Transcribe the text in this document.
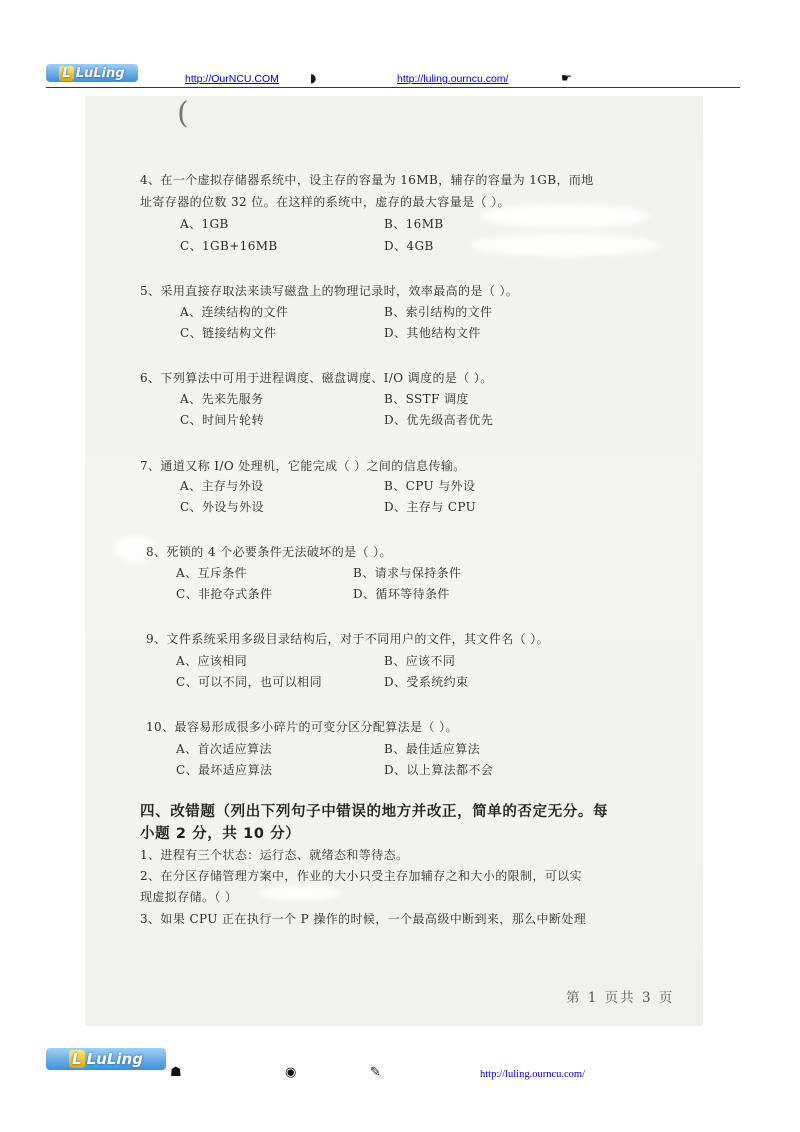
L LuLing	http://OurNCU.COM	◗	http://luling.ourncu.com/	☛
(
4、在一个虚拟存储器系统中，设主存的容量为 16MB，辅存的容量为 1GB，而地
址寄存器的位数 32 位。在这样的系统中，虚存的最大容量是（ ）。
A、1GB	B、16MB
C、1GB+16MB	D、4GB
5、采用直接存取法来读写磁盘上的物理记录时，效率最高的是（ ）。
A、连续结构的文件	B、索引结构的文件
C、链接结构文件	D、其他结构文件
6、下列算法中可用于进程调度、磁盘调度、I/O 调度的是（ ）。
A、先来先服务	B、SSTF 调度
C、时间片轮转	D、优先级高者优先
7、通道又称 I/O 处理机，它能完成（ ）之间的信息传输。
A、主存与外设	B、CPU 与外设
C、外设与外设	D、主存与 CPU
8、死锁的 4 个必要条件无法破坏的是（ ）。
A、互斥条件	B、请求与保持条件
C、非抢夺式条件	D、循环等待条件
9、文件系统采用多级目录结构后，对于不同用户的文件，其文件名（ ）。
A、应该相同	B、应该不同
C、可以不同，也可以相同	D、受系统约束
10、最容易形成很多小碎片的可变分区分配算法是（ ）。
A、首次适应算法	B、最佳适应算法
C、最坏适应算法	D、以上算法都不会
四、改错题（列出下列句子中错误的地方并改正，简单的否定无分。每
小题 2 分，共 10 分）
1、进程有三个状态：运行态、就绪态和等待态。
2、在分区存储管理方案中，作业的大小只受主存加辅存之和大小的限制，可以实
现虚拟存储。（ ）
3、如果 CPU 正在执行一个 P 操作的时候，一个最高级中断到来，那么中断处理
第 1 页共 3 页
L LuLing
☗	◉	✎	http://luling.ourncu.com/
